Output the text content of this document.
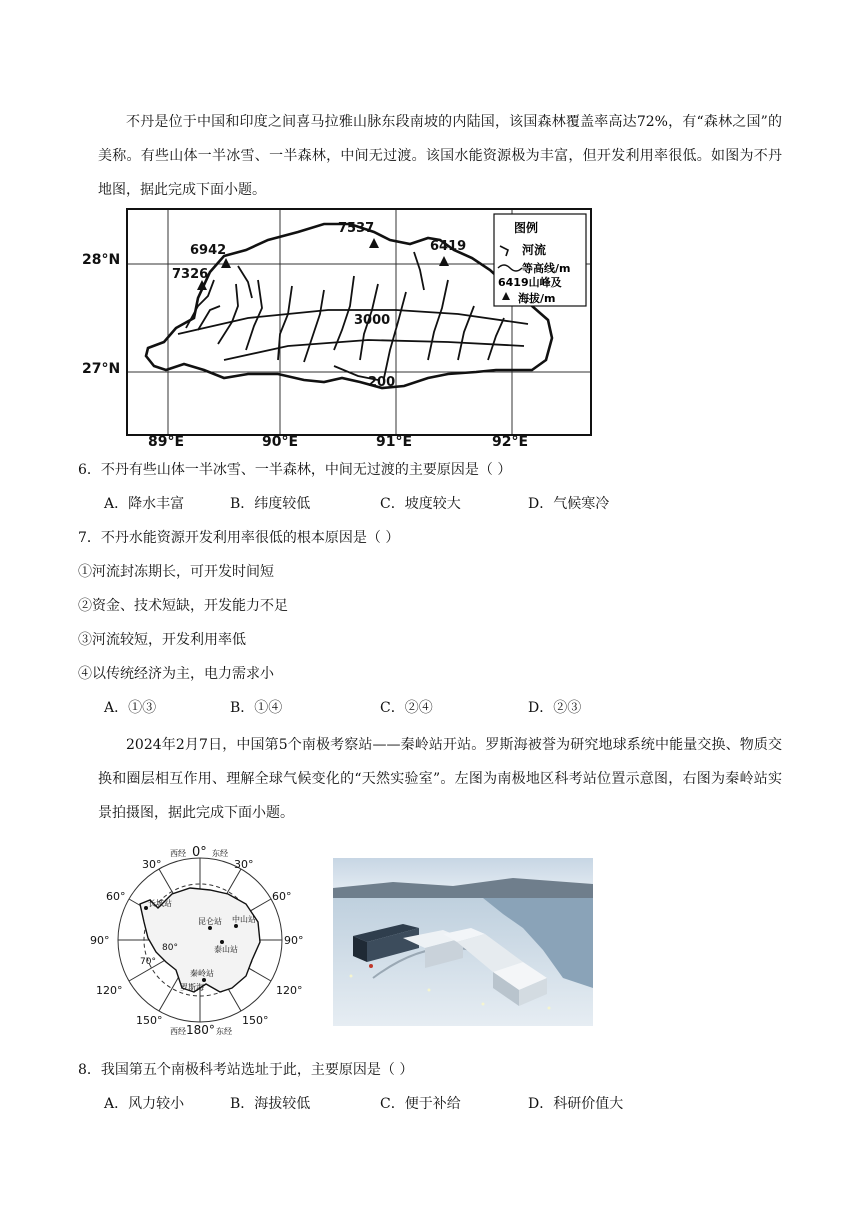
不丹是位于中国和印度之间喜马拉雅山脉东段南坡的内陆国，该国森林覆盖率高达72%，有“森林之国”的美称。有些山体一半冰雪、一半森林，中间无过渡。该国水能资源极为丰富，但开发利用率很低。如图为不丹地图，据此完成下面小题。
7537
6942
7326
6419
3000
200
图例
河流
等高线/m
6419山峰及
海拔/m
28°N
27°N
89°E	90°E	91°E	92°E
6．不丹有些山体一半冰雪、一半森林，中间无过渡的主要原因是（ ）
A．降水丰富	B．纬度较低	C．坡度较大	D．气候寒冷
7．不丹水能资源开发利用率很低的根本原因是（ ）
①河流封冻期长，可开发时间短
②资金、技术短缺，开发能力不足
③河流较短，开发利用率低
④以传统经济为主，电力需求小
A．①③	B．①④	C．②④	D．②③
2024年2月7日，中国第5个南极考察站——秦岭站开站。罗斯海被誉为研究地球系统中能量交换、物质交换和圈层相互作用、理解全球气候变化的“天然实验室”。左图为南极地区科考站位置示意图，右图为秦岭站实景拍摄图，据此完成下面小题。
长城站
昆仑站
泰山站
中山站
秦岭站
罗斯海
80°
70°
西经 0° 东经
30°	30°
60°	60°
90°	90°
120°	120°
150°	150°
西经 180° 东经
8．我国第五个南极科考站选址于此，主要原因是（ ）
A．风力较小	B．海拔较低	C．便于补给	D．科研价值大
